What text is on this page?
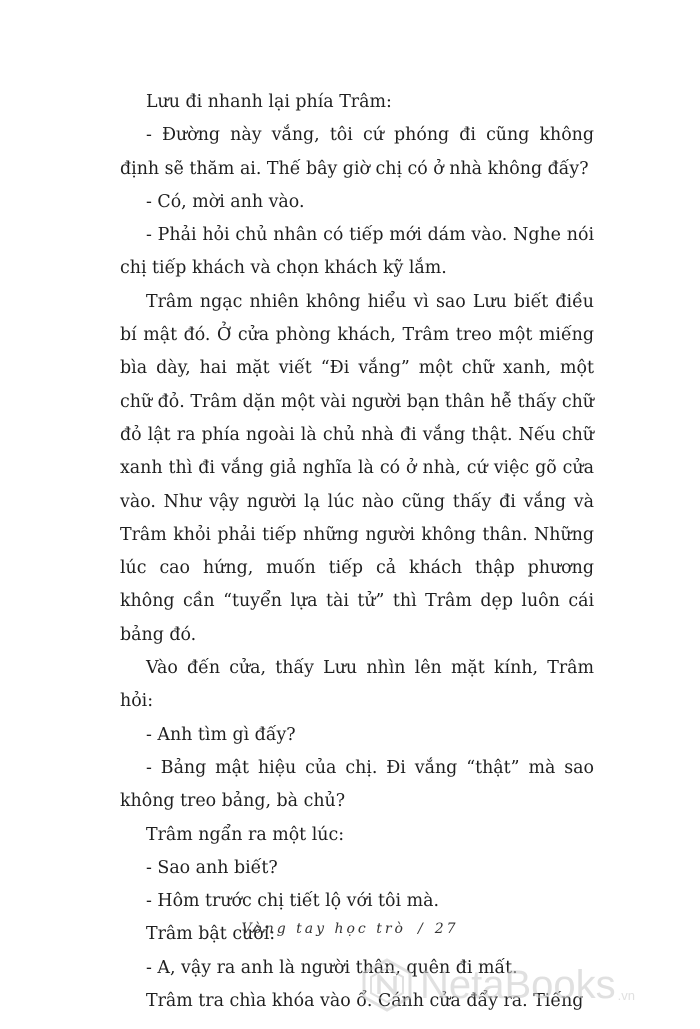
Lưu đi nhanh lại phía Trâm:

- Đường này vắng, tôi cứ phóng đi cũng không định sẽ thăm ai. Thế bây giờ chị có ở nhà không đấy?

- Có, mời anh vào.

- Phải hỏi chủ nhân có tiếp mới dám vào. Nghe nói chị tiếp khách và chọn khách kỹ lắm.

Trâm ngạc nhiên không hiểu vì sao Lưu biết điều bí mật đó. Ở cửa phòng khách, Trâm treo một miếng bìa dày, hai mặt viết “Đi vắng” một chữ xanh, một chữ đỏ. Trâm dặn một vài người bạn thân hễ thấy chữ đỏ lật ra phía ngoài là chủ nhà đi vắng thật. Nếu chữ xanh thì đi vắng giả nghĩa là có ở nhà, cứ việc gõ cửa vào. Như vậy người lạ lúc nào cũng thấy đi vắng và Trâm khỏi phải tiếp những người không thân. Những lúc cao hứng, muốn tiếp cả khách thập phương không cần “tuyển lựa tài tử” thì Trâm dẹp luôn cái bảng đó.

Vào đến cửa, thấy Lưu nhìn lên mặt kính, Trâm hỏi:

- Anh tìm gì đấy?

- Bảng mật hiệu của chị. Đi vắng “thật” mà sao không treo bảng, bà chủ?

Trâm ngẩn ra một lúc:

- Sao anh biết?

- Hôm trước chị tiết lộ với tôi mà.

Trâm bật cười:

- A, vậy ra anh là người thân, quên đi mất.

Trâm tra chìa khóa vào ổ. Cánh cửa đẩy ra. Tiếng

Vòng tay học trò / 27
NetaBooks .vn
